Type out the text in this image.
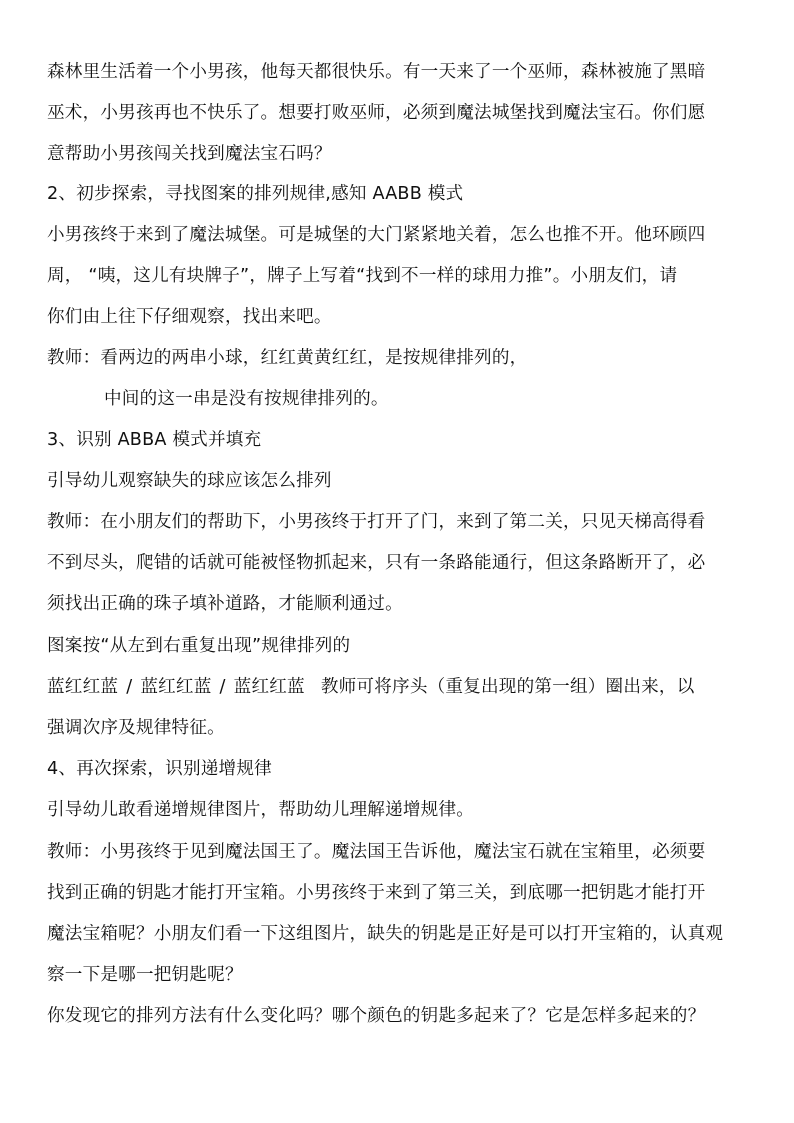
森林里生活着一个小男孩，他每天都很快乐。有一天来了一个巫师，森林被施了黑暗
巫术，小男孩再也不快乐了。想要打败巫师，必须到魔法城堡找到魔法宝石。你们愿
意帮助小男孩闯关找到魔法宝石吗？
2、初步探索，寻找图案的排列规律,感知 AABB 模式
小男孩终于来到了魔法城堡。可是城堡的大门紧紧地关着，怎么也推不开。他环顾四
周， “咦，这儿有块牌子”，牌子上写着“找到不一样的球用力推”。小朋友们，请
你们由上往下仔细观察，找出来吧。
教师：看两边的两串小球，红红黄黄红红，是按规律排列的，
中间的这一串是没有按规律排列的。
3、识别 ABBA 模式并填充
引导幼儿观察缺失的球应该怎么排列
教师：在小朋友们的帮助下，小男孩终于打开了门，来到了第二关，只见天梯高得看
不到尽头，爬错的话就可能被怪物抓起来，只有一条路能通行，但这条路断开了，必
须找出正确的珠子填补道路，才能顺利通过。
图案按“从左到右重复出现”规律排列的
蓝红红蓝 / 蓝红红蓝 / 蓝红红蓝 教师可将序头（重复出现的第一组）圈出来，以
强调次序及规律特征。
4、再次探索，识别递增规律
引导幼儿敢看递增规律图片，帮助幼儿理解递增规律。
教师：小男孩终于见到魔法国王了。魔法国王告诉他，魔法宝石就在宝箱里，必须要
找到正确的钥匙才能打开宝箱。小男孩终于来到了第三关，到底哪一把钥匙才能打开
魔法宝箱呢？小朋友们看一下这组图片，缺失的钥匙是正好是可以打开宝箱的，认真观
察一下是哪一把钥匙呢？
你发现它的排列方法有什么变化吗？哪个颜色的钥匙多起来了？它是怎样多起来的？
